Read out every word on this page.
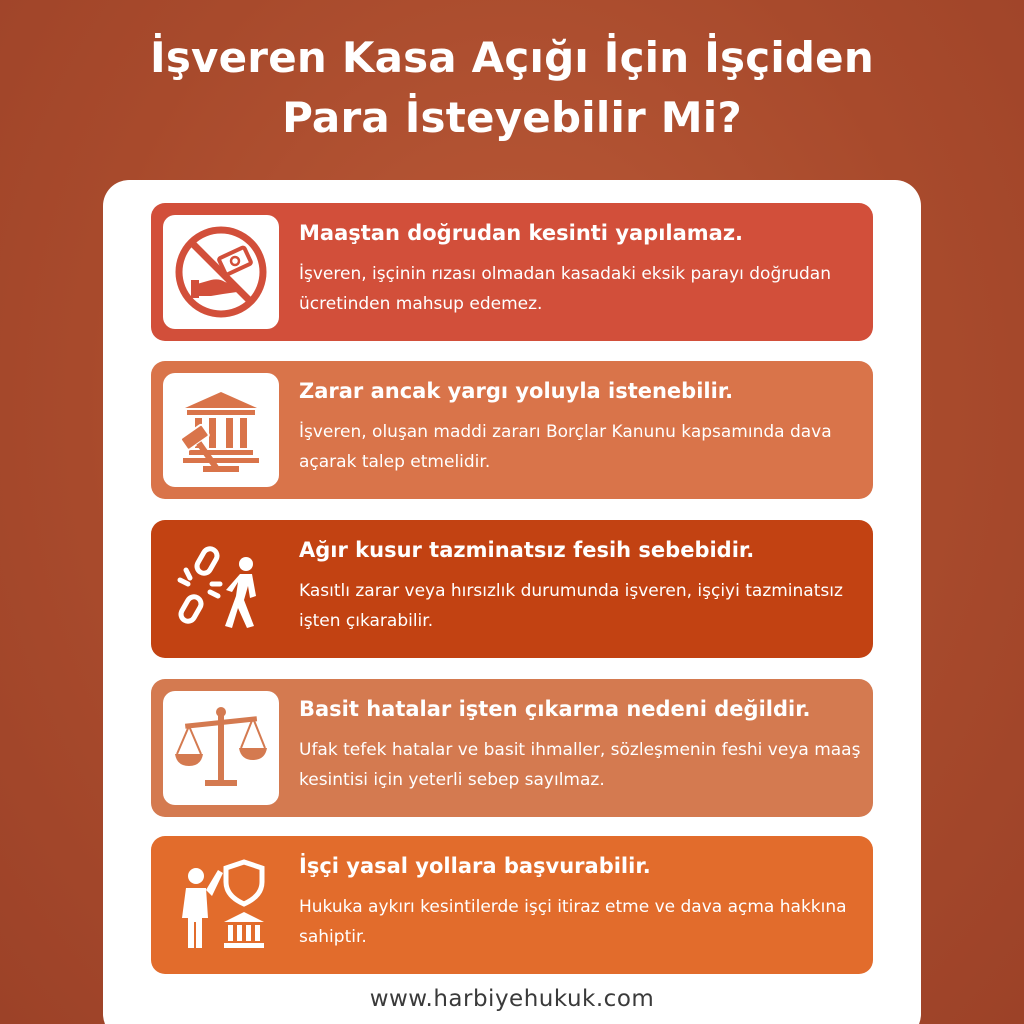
İşveren Kasa Açığı İçin İşçiden
Para İsteyebilir Mi?
Maaştan doğrudan kesinti yapılamaz.
İşveren, işçinin rızası olmadan kasadaki eksik parayı doğrudan ücretinden mahsup edemez.
Zarar ancak yargı yoluyla istenebilir.
İşveren, oluşan maddi zararı Borçlar Kanunu kapsamında dava açarak talep etmelidir.
Ağır kusur tazminatsız fesih sebebidir.
Kasıtlı zarar veya hırsızlık durumunda işveren, işçiyi tazminatsız işten çıkarabilir.
Basit hatalar işten çıkarma nedeni değildir.
Ufak tefek hatalar ve basit ihmaller, sözleşmenin feshi veya maaş kesintisi için yeterli sebep sayılmaz.
İşçi yasal yollara başvurabilir.
Hukuka aykırı kesintilerde işçi itiraz etme ve dava açma hakkına sahiptir.
www.harbiyehukuk.com
